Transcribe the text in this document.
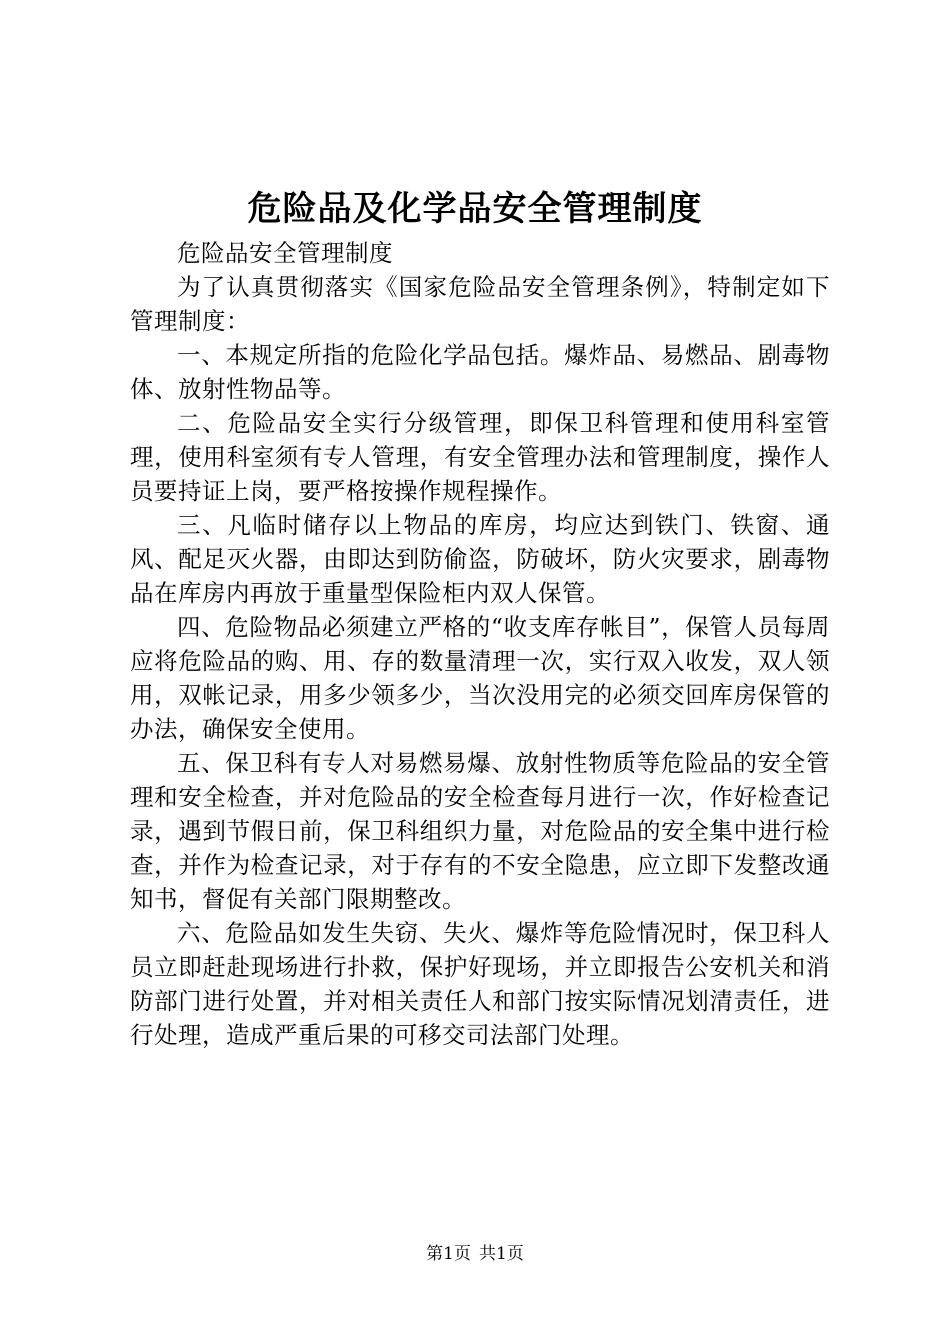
危险品及化学品安全管理制度

危险品安全管理制度

为了认真贯彻落实《国家危险品安全管理条例》，特制定如下管理制度：

一、本规定所指的危险化学品包括。爆炸品、易燃品、剧毒物体、放射性物品等。

二、危险品安全实行分级管理，即保卫科管理和使用科室管理，使用科室须有专人管理，有安全管理办法和管理制度，操作人员要持证上岗，要严格按操作规程操作。

三、凡临时储存以上物品的库房，均应达到铁门、铁窗、通风、配足灭火器，由即达到防偷盗，防破坏，防火灾要求，剧毒物品在库房内再放于重量型保险柜内双人保管。

四、危险物品必须建立严格的“收支库存帐目”，保管人员每周应将危险品的购、用、存的数量清理一次，实行双入收发，双人领用，双帐记录，用多少领多少，当次没用完的必须交回库房保管的办法，确保安全使用。

五、保卫科有专人对易燃易爆、放射性物质等危险品的安全管理和安全检查，并对危险品的安全检查每月进行一次，作好检查记录，遇到节假日前，保卫科组织力量，对危险品的安全集中进行检查，并作为检查记录，对于存有的不安全隐患，应立即下发整改通知书，督促有关部门限期整改。

六、危险品如发生失窃、失火、爆炸等危险情况时，保卫科人员立即赶赴现场进行扑救，保护好现场，并立即报告公安机关和消防部门进行处置，并对相关责任人和部门按实际情况划清责任，进行处理，造成严重后果的可移交司法部门处理。

第1页 共1页
